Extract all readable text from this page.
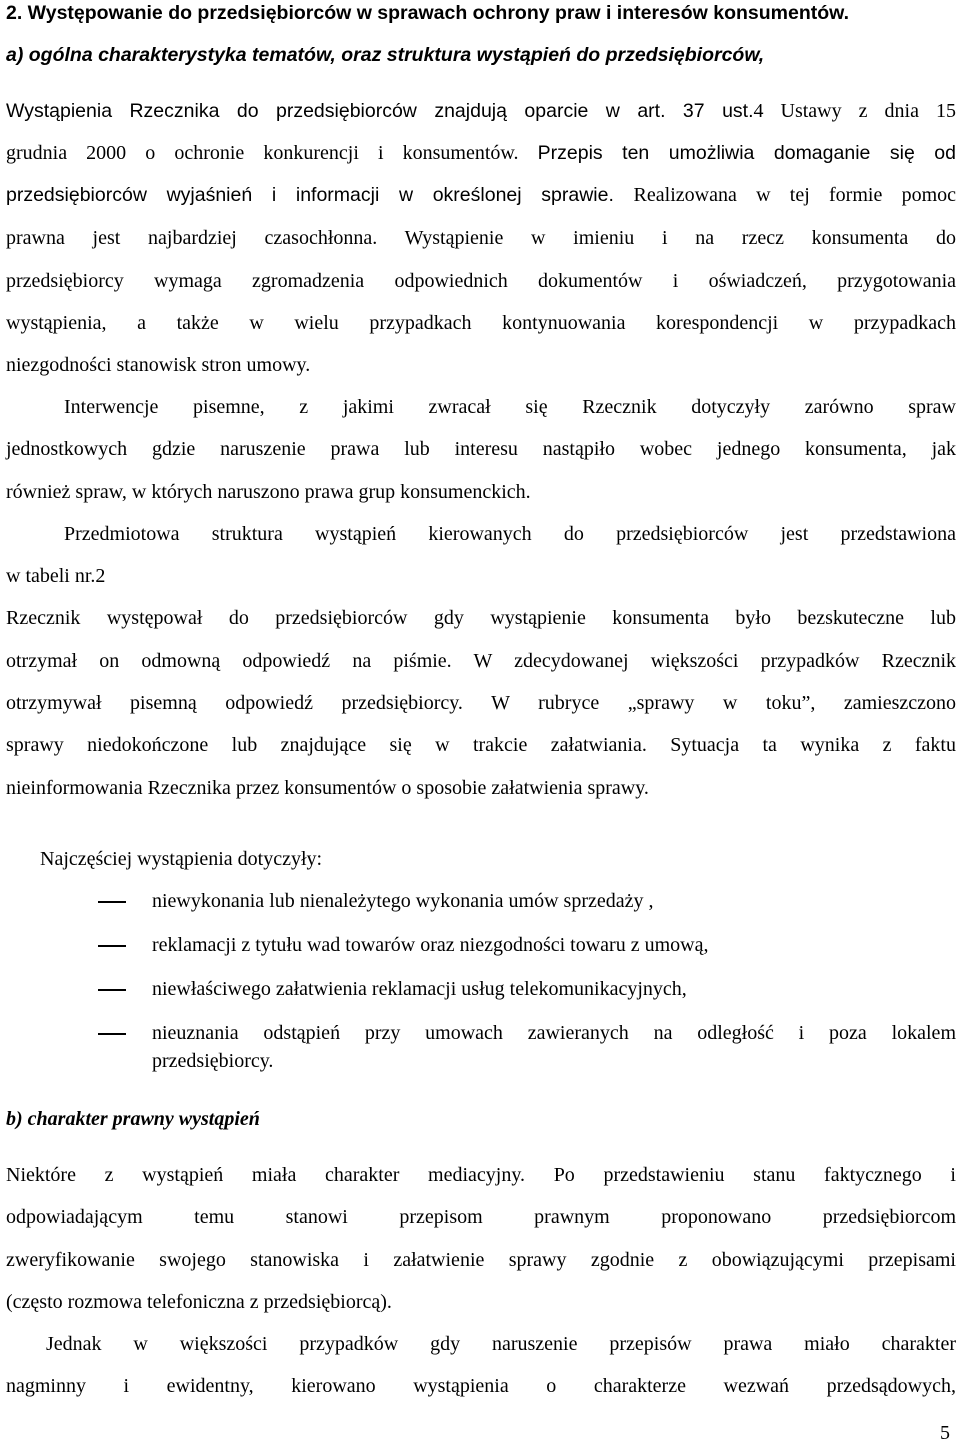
2. Występowanie do przedsiębiorców w sprawach ochrony praw i interesów konsumentów.
a) ogólna charakterystyka tematów, oraz struktura wystąpień do przedsiębiorców,
Wystąpienia Rzecznika do przedsiębiorców znajdują oparcie w art. 37 ust.4 Ustawy z dnia 15
grudnia 2000 o ochronie konkurencji i konsumentów. Przepis ten umożliwia domaganie się od
przedsiębiorców wyjaśnień i informacji w określonej sprawie. Realizowana w tej formie pomoc
prawna jest najbardziej czasochłonna. Wystąpienie w imieniu i na rzecz konsumenta do
przedsiębiorcy wymaga zgromadzenia odpowiednich dokumentów i oświadczeń, przygotowania
wystąpienia, a także w wielu przypadkach kontynuowania korespondencji w przypadkach
niezgodności stanowisk stron umowy.
Interwencje pisemne, z jakimi zwracał się Rzecznik dotyczyły zarówno spraw
jednostkowych gdzie naruszenie prawa lub interesu nastąpiło wobec jednego konsumenta, jak
również spraw, w których naruszono prawa grup konsumenckich.
Przedmiotowa struktura wystąpień kierowanych do przedsiębiorców jest przedstawiona
w tabeli nr.2
Rzecznik występował do przedsiębiorców gdy wystąpienie konsumenta było bezskuteczne lub
otrzymał on odmowną odpowiedź na piśmie. W zdecydowanej większości przypadków Rzecznik
otrzymywał pisemną odpowiedź przedsiębiorcy. W rubryce „sprawy w toku”, zamieszczono
sprawy niedokończone lub znajdujące się w trakcie załatwiania. Sytuacja ta wynika z faktu
nieinformowania Rzecznika przez konsumentów o sposobie załatwienia sprawy.
Najczęściej wystąpienia dotyczyły:
niewykonania lub nienależytego wykonania umów sprzedaży ,
reklamacji z tytułu wad towarów oraz niezgodności towaru z umową,
niewłaściwego załatwienia reklamacji usług telekomunikacyjnych,
nieuznania odstąpień przy umowach zawieranych na odległość i poza lokalem
przedsiębiorcy.
b) charakter prawny wystąpień
Niektóre z wystąpień miała charakter mediacyjny. Po przedstawieniu stanu faktycznego i
odpowiadającym temu stanowi przepisom prawnym proponowano przedsiębiorcom
zweryfikowanie swojego stanowiska i załatwienie sprawy zgodnie z obowiązującymi przepisami
(często rozmowa telefoniczna z przedsiębiorcą).
Jednak w większości przypadków gdy naruszenie przepisów prawa miało charakter
nagminny i ewidentny, kierowano wystąpienia o charakterze wezwań przedsądowych,
5
